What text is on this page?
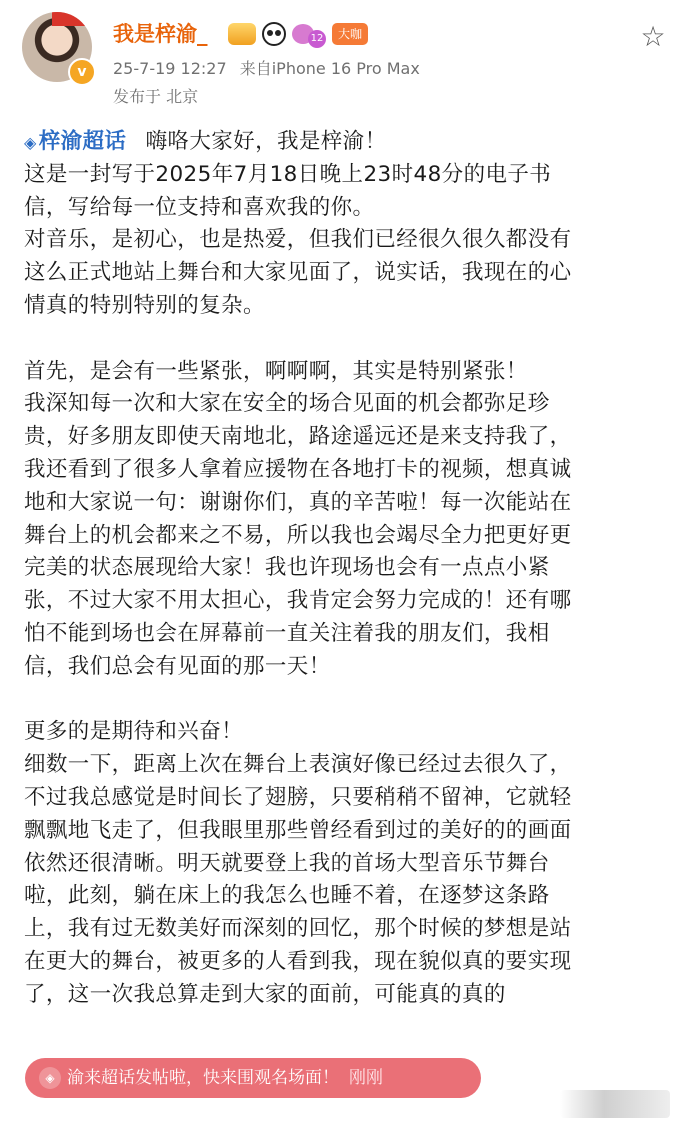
v
我是梓渝_	12	大咖
25-7-19 12:27 来自iPhone 16 Pro Max
发布于 北京
☆
◈梓渝超话 嗨咯大家好，我是梓渝！
这是一封写于2025年7月18日晚上23时48分的电子书
信，写给每一位支持和喜欢我的你。
对音乐，是初心，也是热爱，但我们已经很久很久都没有
这么正式地站上舞台和大家见面了，说实话，我现在的心
情真的特别特别的复杂。
首先，是会有一些紧张，啊啊啊，其实是特别紧张！
我深知每一次和大家在安全的场合见面的机会都弥足珍
贵，好多朋友即使天南地北，路途遥远还是来支持我了，
我还看到了很多人拿着应援物在各地打卡的视频，想真诚
地和大家说一句：谢谢你们，真的辛苦啦！每一次能站在
舞台上的机会都来之不易，所以我也会竭尽全力把更好更
完美的状态展现给大家！我也许现场也会有一点点小紧
张，不过大家不用太担心，我肯定会努力完成的！还有哪
怕不能到场也会在屏幕前一直关注着我的朋友们，我相
信，我们总会有见面的那一天！
更多的是期待和兴奋！
细数一下，距离上次在舞台上表演好像已经过去很久了，
不过我总感觉是时间长了翅膀，只要稍稍不留神，它就轻
飘飘地飞走了，但我眼里那些曾经看到过的美好的的画面
依然还很清晰。明天就要登上我的首场大型音乐节舞台
啦，此刻，躺在床上的我怎么也睡不着，在逐梦这条路
上，我有过无数美好而深刻的回忆，那个时候的梦想是站
在更大的舞台，被更多的人看到我，现在貌似真的要实现
了，这一次我总算走到大家的面前，可能真的真的
◈ 渝来超话发帖啦，快来围观名场面！ 刚刚
